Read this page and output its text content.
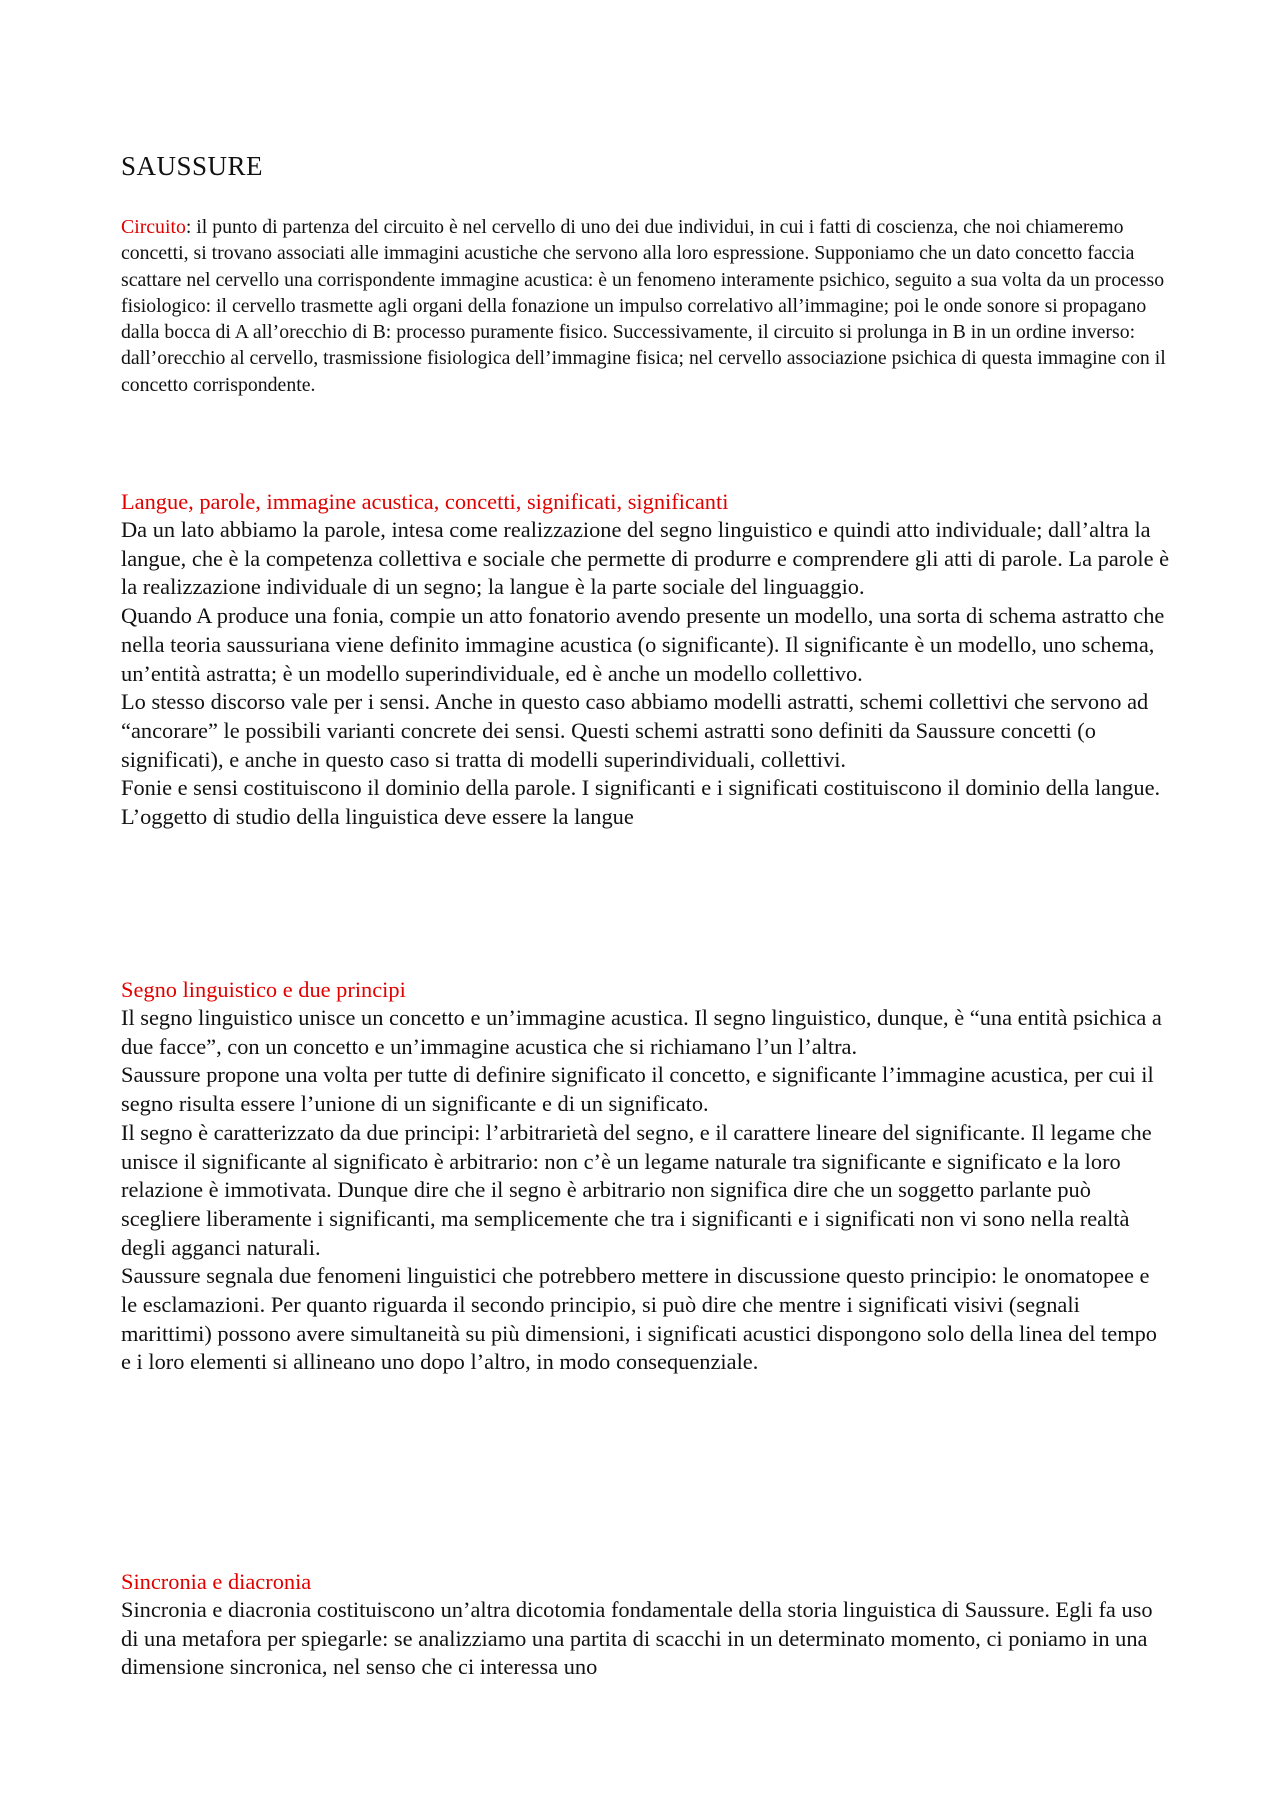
SAUSSURE

Circuito: il punto di partenza del circuito è nel cervello di uno dei due individui, in cui i fatti di coscienza, che noi chiameremo concetti, si trovano associati alle immagini acustiche che servono alla loro espressione. Supponiamo che un dato concetto faccia scattare nel cervello una corrispondente immagine acustica: è un fenomeno interamente psichico, seguito a sua volta da un processo fisiologico: il cervello trasmette agli organi della fonazione un impulso correlativo all’immagine; poi le onde sonore si propagano dalla bocca di A all’orecchio di B: processo puramente fisico. Successivamente, il circuito si prolunga in B in un ordine inverso: dall’orecchio al cervello, trasmissione fisiologica dell’immagine fisica; nel cervello associazione psichica di questa immagine con il concetto corrispondente.

Langue, parole, immagine acustica, concetti, significati, significanti

Da un lato abbiamo la parole, intesa come realizzazione del segno linguistico e quindi atto individuale; dall’altra la langue, che è la competenza collettiva e sociale che permette di produrre e comprendere gli atti di parole. La parole è la realizzazione individuale di un segno; la langue è la parte sociale del linguaggio.

Quando A produce una fonia, compie un atto fonatorio avendo presente un modello, una sorta di schema astratto che nella teoria saussuriana viene definito immagine acustica (o significante). Il significante è un modello, uno schema, un’entità astratta; è un modello superindividuale, ed è anche un modello collettivo.

Lo stesso discorso vale per i sensi. Anche in questo caso abbiamo modelli astratti, schemi collettivi che servono ad “ancorare” le possibili varianti concrete dei sensi. Questi schemi astratti sono definiti da Saussure concetti (o significati), e anche in questo caso si tratta di modelli superindividuali, collettivi.

Fonie e sensi costituiscono il dominio della parole. I significanti e i significati costituiscono il dominio della langue. L’oggetto di studio della linguistica deve essere la langue

Segno linguistico e due principi

Il segno linguistico unisce un concetto e un’immagine acustica. Il segno linguistico, dunque, è “una entità psichica a due facce”, con un concetto e un’immagine acustica che si richiamano l’un l’altra.

Saussure propone una volta per tutte di definire significato il concetto, e significante l’immagine acustica, per cui il segno risulta essere l’unione di un significante e di un significato.

Il segno è caratterizzato da due principi: l’arbitrarietà del segno, e il carattere lineare del significante. Il legame che unisce il significante al significato è arbitrario: non c’è un legame naturale tra significante e significato e la loro relazione è immotivata. Dunque dire che il segno è arbitrario non significa dire che un soggetto parlante può scegliere liberamente i significanti, ma semplicemente che tra i significanti e i significati non vi sono nella realtà degli agganci naturali.

Saussure segnala due fenomeni linguistici che potrebbero mettere in discussione questo principio: le onomatopee e le esclamazioni. Per quanto riguarda il secondo principio, si può dire che mentre i significati visivi (segnali marittimi) possono avere simultaneità su più dimensioni, i significati acustici dispongono solo della linea del tempo e i loro elementi si allineano uno dopo l’altro, in modo consequenziale.

Sincronia e diacronia

Sincronia e diacronia costituiscono un’altra dicotomia fondamentale della storia linguistica di Saussure. Egli fa uso di una metafora per spiegarle: se analizziamo una partita di scacchi in un determinato momento, ci poniamo in una dimensione sincronica, nel senso che ci interessa uno
